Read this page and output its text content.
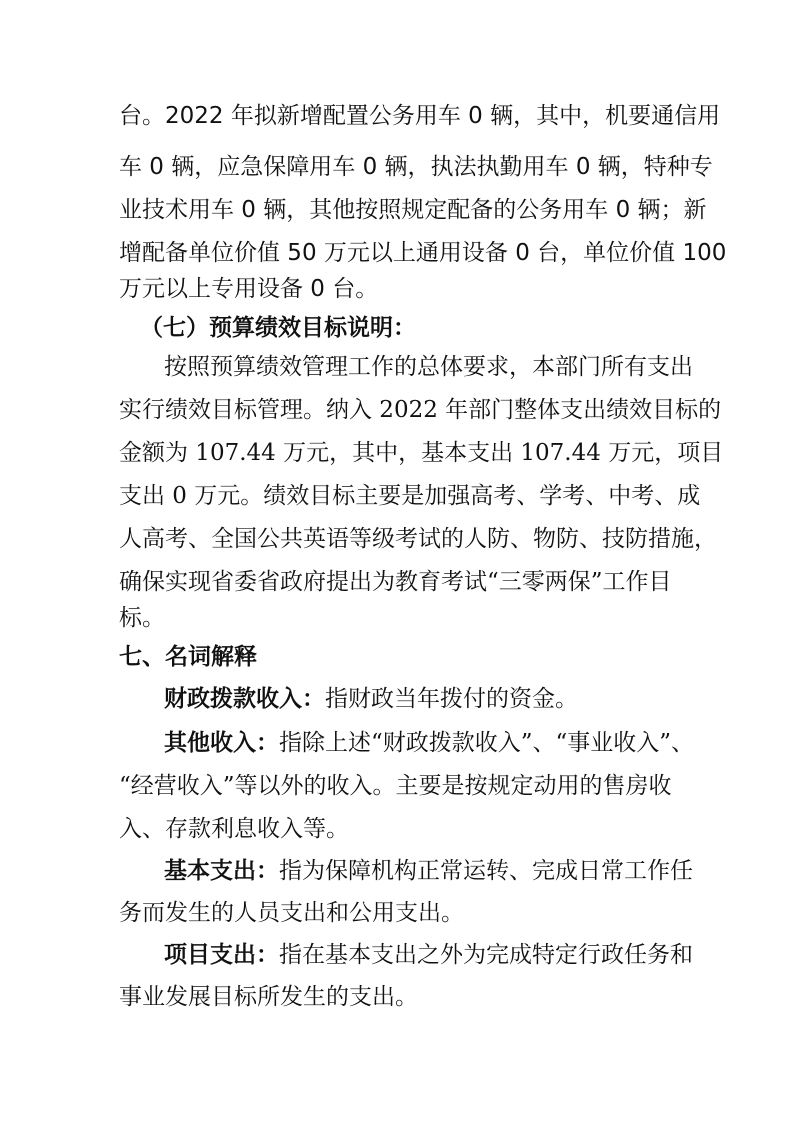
台。2022 年拟新增配置公务用车 0 辆，其中，机要通信用
车 0 辆，应急保障用车 0 辆，执法执勤用车 0 辆，特种专
业技术用车 0 辆，其他按照规定配备的公务用车 0 辆；新
增配备单位价值 50 万元以上通用设备 0 台，单位价值 100
万元以上专用设备 0 台。
（七）预算绩效目标说明：
按照预算绩效管理工作的总体要求，本部门所有支出
实行绩效目标管理。纳入 2022 年部门整体支出绩效目标的
金额为 107.44 万元，其中，基本支出 107.44 万元，项目
支出 0 万元。绩效目标主要是加强高考、学考、中考、成
人高考、全国公共英语等级考试的人防、物防、技防措施，
确保实现省委省政府提出为教育考试“三零两保”工作目
标。
七、名词解释
财政拨款收入：指财政当年拨付的资金。
其他收入：指除上述“财政拨款收入”、“事业收入”、
“经营收入”等以外的收入。主要是按规定动用的售房收
入、存款利息收入等。
基本支出：指为保障机构正常运转、完成日常工作任
务而发生的人员支出和公用支出。
项目支出：指在基本支出之外为完成特定行政任务和
事业发展目标所发生的支出。
